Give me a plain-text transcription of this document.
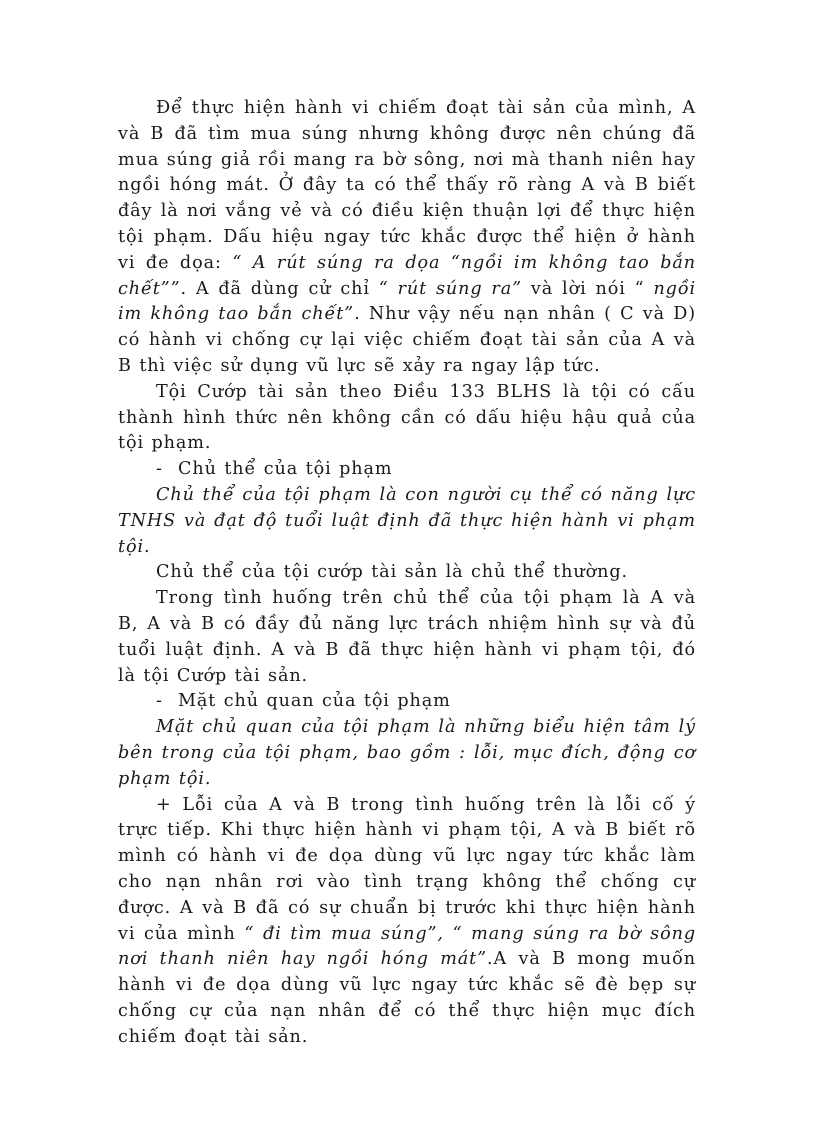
Để thực hiện hành vi chiếm đoạt tài sản của mình, A và B đã tìm mua súng nhưng không được nên chúng đã mua súng giả rồi mang ra bờ sông, nơi mà thanh niên hay ngồi hóng mát. Ở đây ta có thể thấy rõ ràng A và B biết đây là nơi vắng vẻ và có điều kiện thuận lợi để thực hiện tội phạm. Dấu hiệu ngay tức khắc được thể hiện ở hành vi đe dọa: “ A rút súng ra dọa “ngồi im không tao bắn chết””. A đã dùng cử chỉ “ rút súng ra” và lời nói “ ngồi im không tao bắn chết”. Như vậy nếu nạn nhân ( C và D) có hành vi chống cự lại việc chiếm đoạt tài sản của A và B thì việc sử dụng vũ lực sẽ xảy ra ngay lập tức.

Tội Cướp tài sản theo Điều 133 BLHS là tội có cấu thành hình thức nên không cần có dấu hiệu hậu quả của tội phạm.

- Chủ thể của tội phạm

Chủ thể của tội phạm là con người cụ thể có năng lực TNHS và đạt độ tuổi luật định đã thực hiện hành vi phạm tội.

Chủ thể của tội cướp tài sản là chủ thể thường.

Trong tình huống trên chủ thể của tội phạm là A và B, A và B có đầy đủ năng lực trách nhiệm hình sự và đủ tuổi luật định. A và B đã thực hiện hành vi phạm tội, đó là tội Cướp tài sản.

- Mặt chủ quan của tội phạm

Mặt chủ quan của tội phạm là những biểu hiện tâm lý bên trong của tội phạm, bao gồm : lỗi, mục đích, động cơ phạm tội.

+ Lỗi của A và B trong tình huống trên là lỗi cố ý trực tiếp. Khi thực hiện hành vi phạm tội, A và B biết rõ mình có hành vi đe dọa dùng vũ lực ngay tức khắc làm cho nạn nhân rơi vào tình trạng không thể chống cự được. A và B đã có sự chuẩn bị trước khi thực hiện hành vi của mình “ đi tìm mua súng”, “ mang súng ra bờ sông nơi thanh niên hay ngồi hóng mát”.A và B mong muốn hành vi đe dọa dùng vũ lực ngay tức khắc sẽ đè bẹp sự chống cự của nạn nhân để có thể thực hiện mục đích chiếm đoạt tài sản.
